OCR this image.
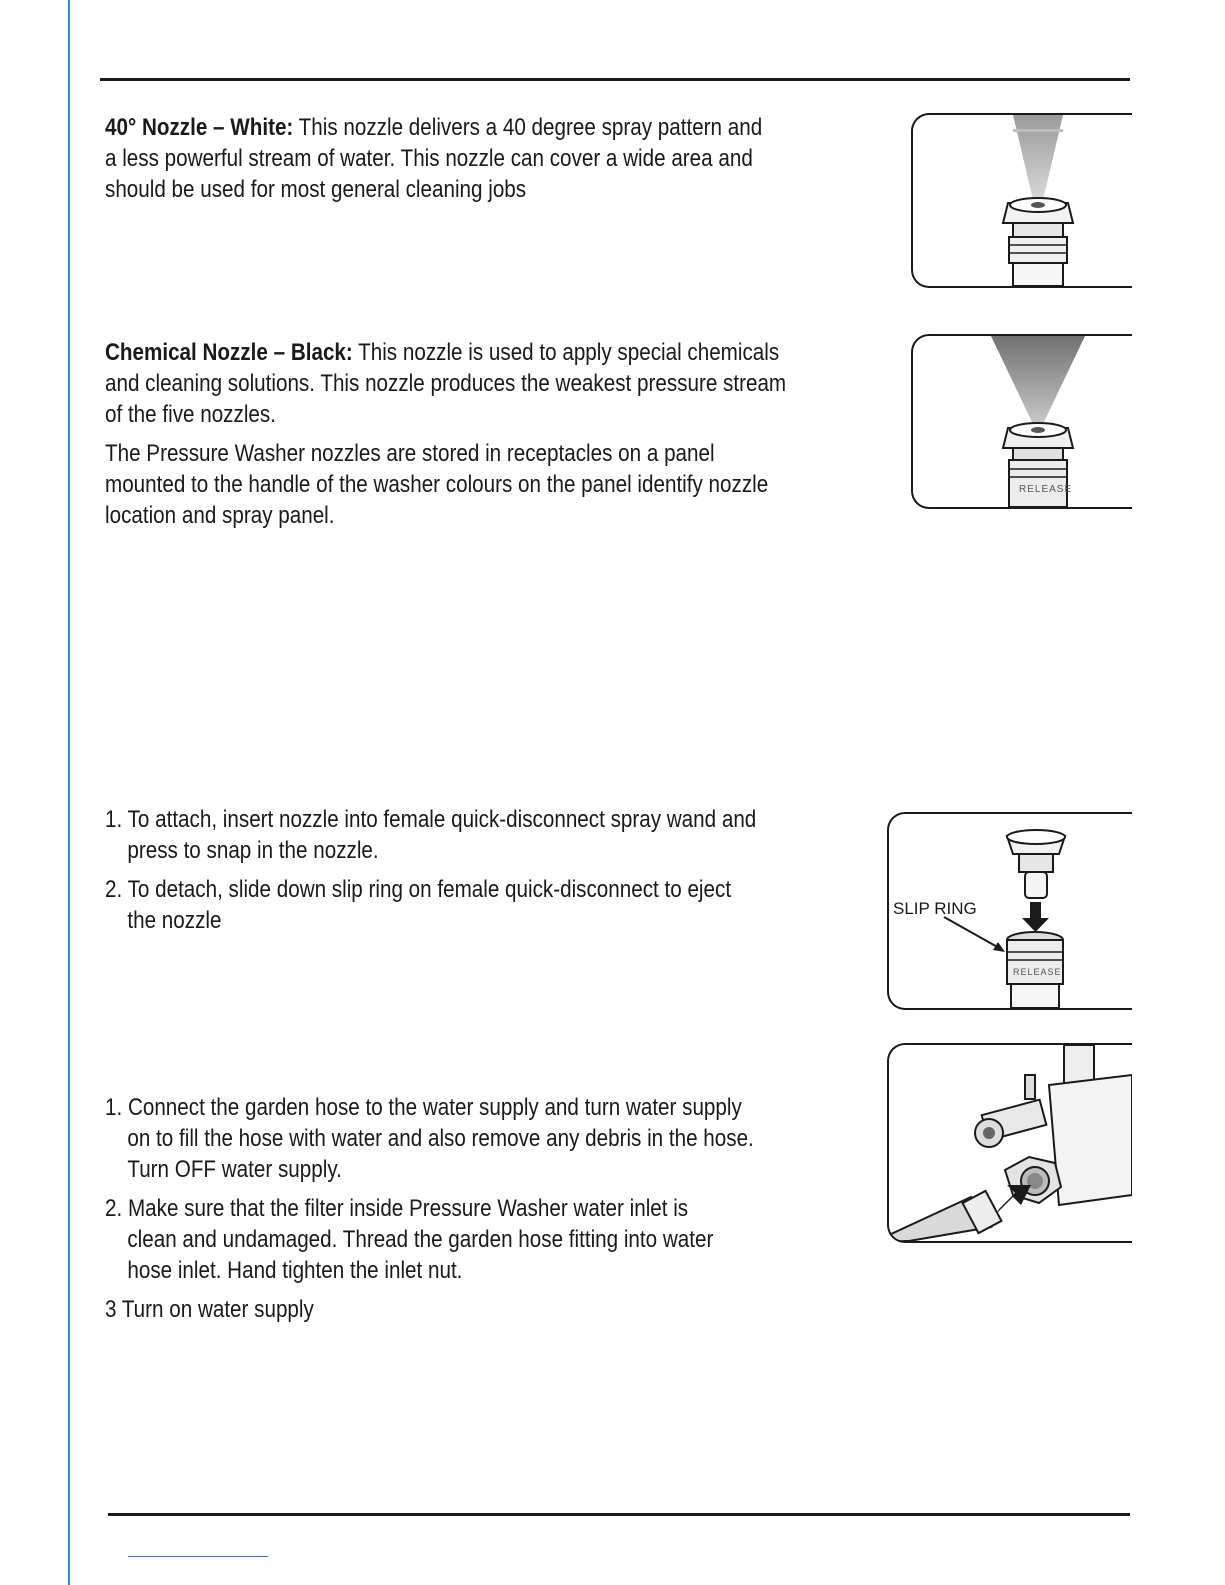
40° Nozzle – White: This nozzle delivers a 40 degree spray pattern and
a less powerful stream of water. This nozzle can cover a wide area and
should be used for most general cleaning jobs
Chemical Nozzle – Black: This nozzle is used to apply special chemicals
and cleaning solutions. This nozzle produces the weakest pressure stream
of the five nozzles.
The Pressure Washer nozzles are stored in receptacles on a panel
mounted to the handle of the washer colours on the panel identify nozzle
location and spray panel.
1. To attach, insert nozzle into female quick-disconnect spray wand and
press to snap in the nozzle.
2. To detach, slide down slip ring on female quick-disconnect to eject
the nozzle
1. Connect the garden hose to the water supply and turn water supply
on to fill the hose with water and also remove any debris in the hose.
Turn OFF water supply.
2. Make sure that the filter inside Pressure Washer water inlet is
clean and undamaged. Thread the garden hose fitting into water
hose inlet. Hand tighten the inlet nut.
3 Turn on water supply
RELEASE
SLIP RING
RELEASE
